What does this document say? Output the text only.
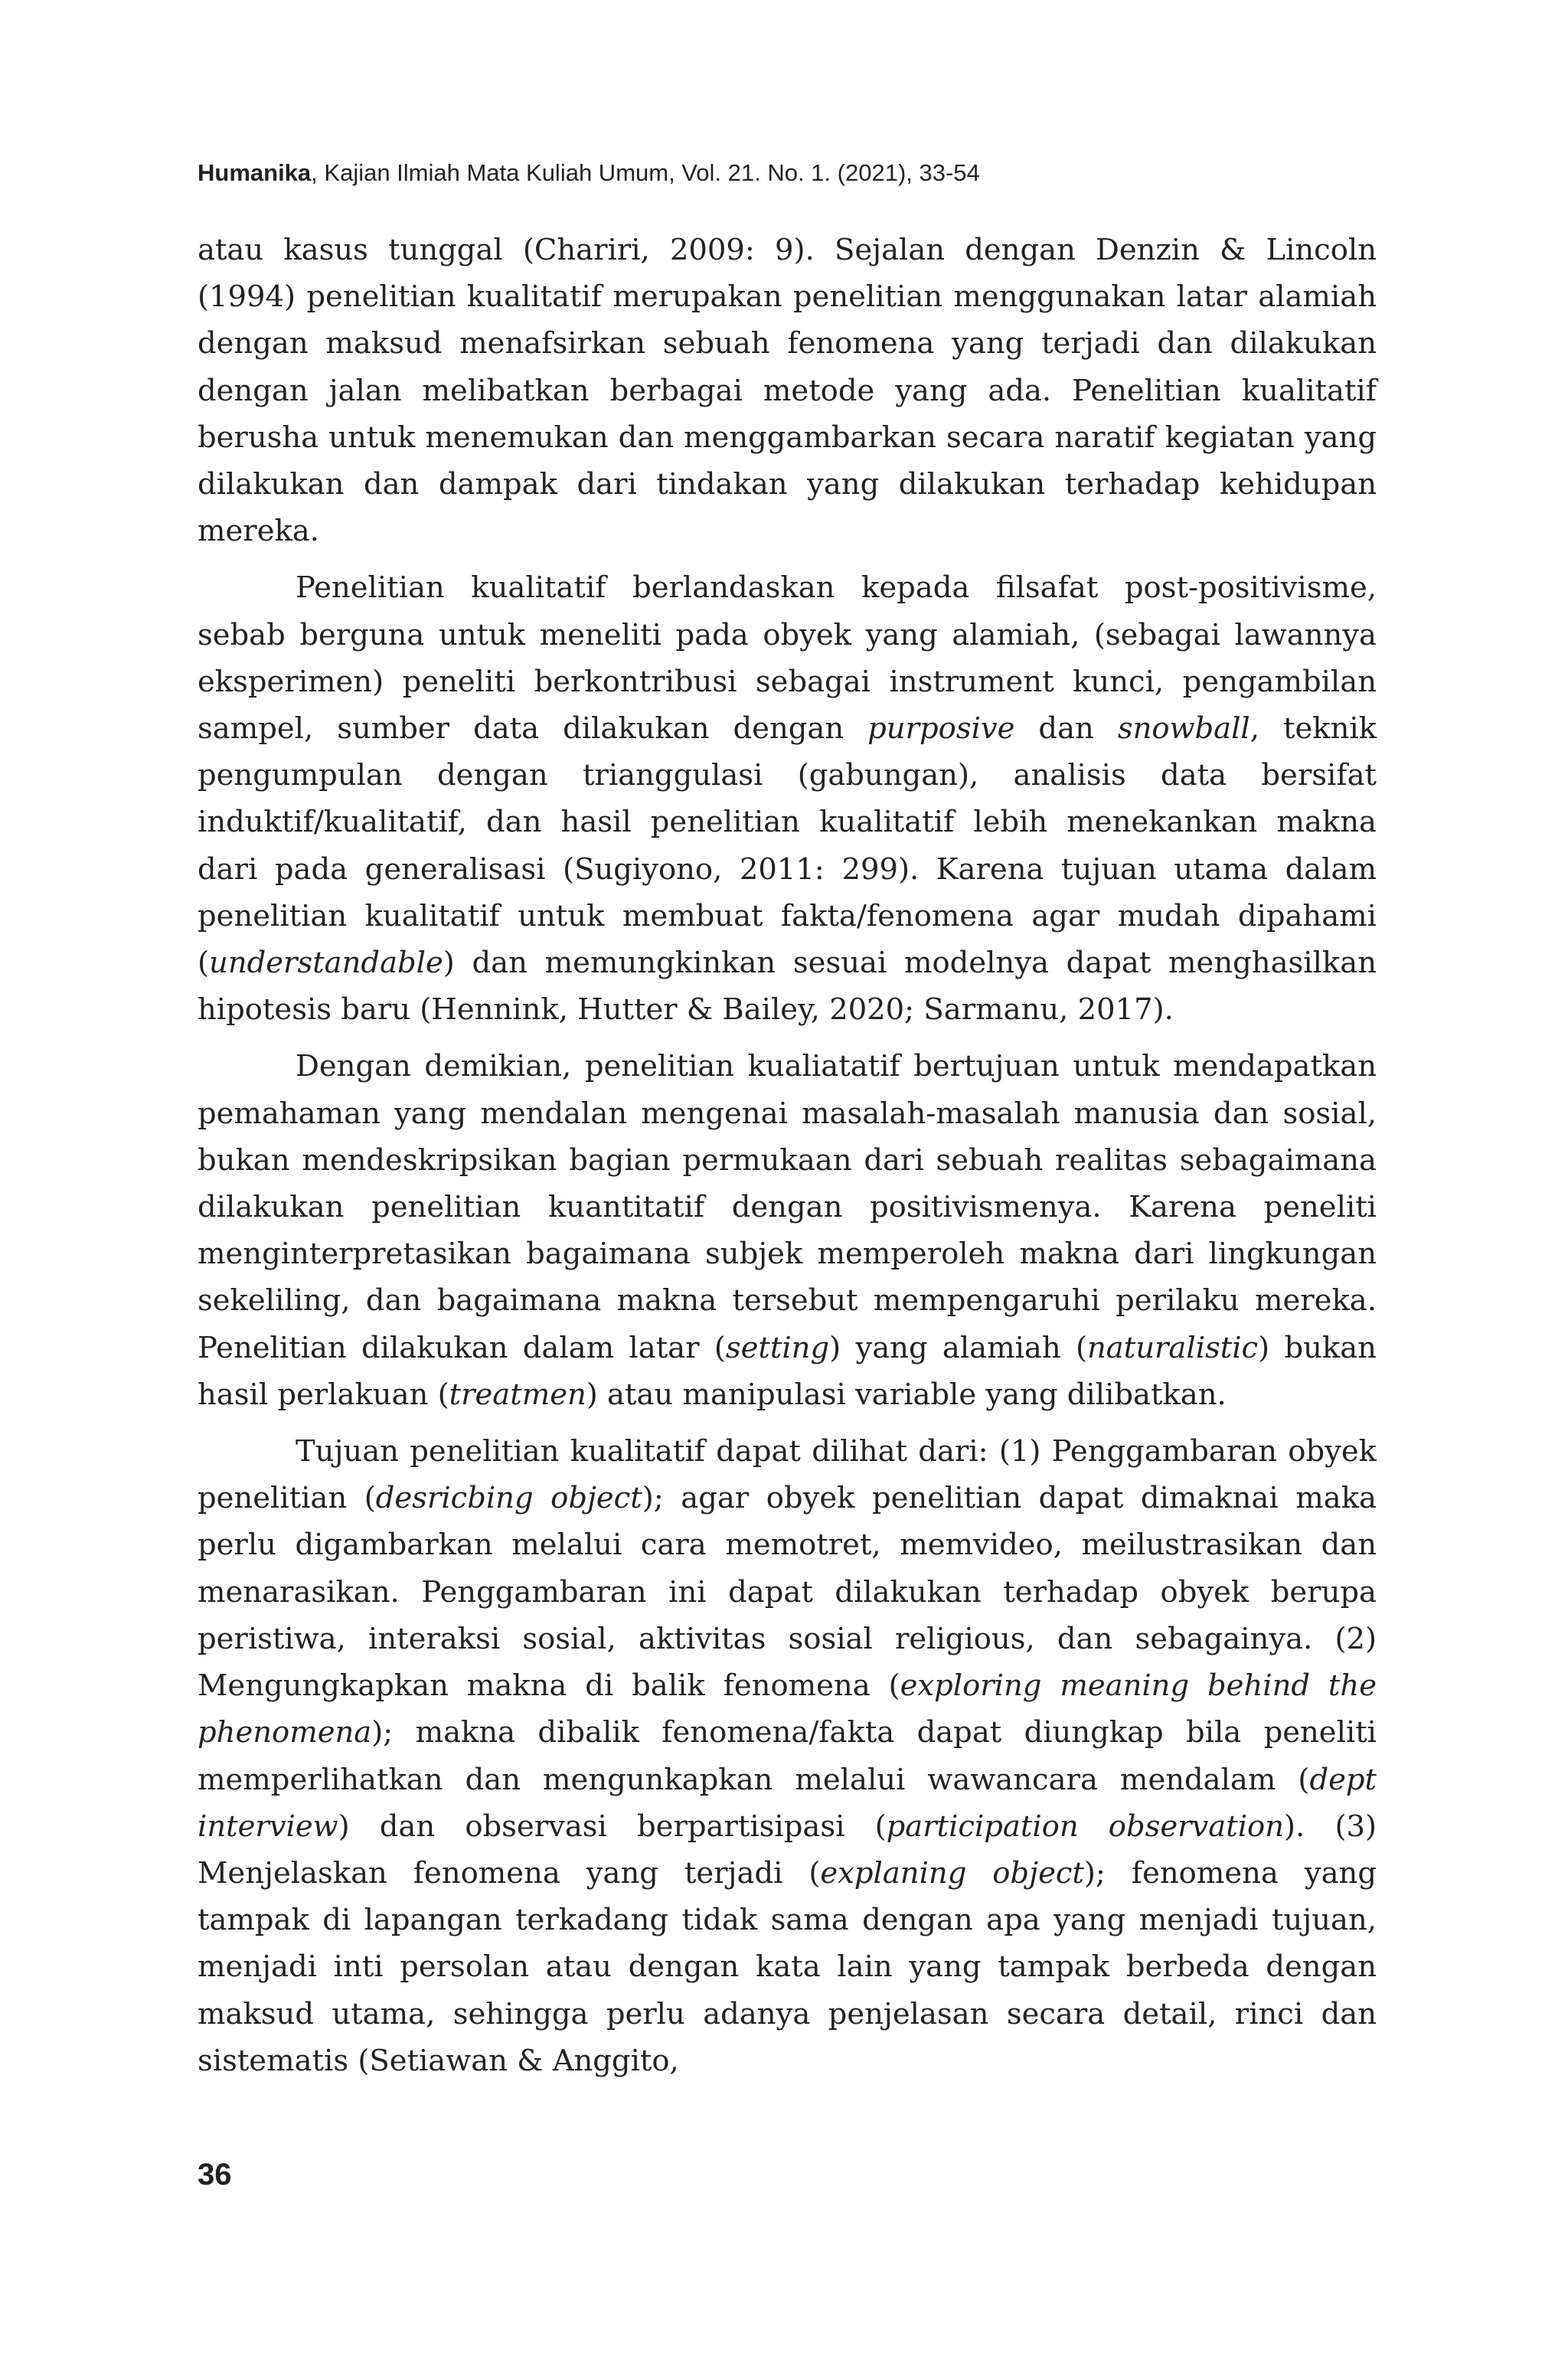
Humanika, Kajian Ilmiah Mata Kuliah Umum, Vol. 21. No. 1. (2021), 33-54

atau kasus tunggal (Chariri, 2009: 9). Sejalan dengan Denzin & Lincoln (1994) penelitian kualitatif merupakan penelitian menggunakan latar alamiah dengan maksud menafsirkan sebuah fenomena yang terjadi dan dilakukan dengan jalan melibatkan berbagai metode yang ada. Penelitian kualitatif berusha untuk menemukan dan menggambarkan secara naratif kegiatan yang dilakukan dan dampak dari tindakan yang dilakukan terhadap kehidupan mereka.

Penelitian kualitatif berlandaskan kepada filsafat post-positivisme, sebab berguna untuk meneliti pada obyek yang alamiah, (sebagai lawannya eksperimen) peneliti berkontribusi sebagai instrument kunci, pengambilan sampel, sumber data dilakukan dengan purposive dan snowball, teknik pengumpulan dengan trianggulasi (gabungan), analisis data bersifat induktif/kualitatif, dan hasil penelitian kualitatif lebih menekankan makna dari pada generalisasi (Sugiyono, 2011: 299). Karena tujuan utama dalam penelitian kualitatif untuk membuat fakta/fenomena agar mudah dipahami (understandable) dan memungkinkan sesuai modelnya dapat menghasilkan hipotesis baru (Hennink, Hutter & Bailey, 2020; Sarmanu, 2017).

Dengan demikian, penelitian kualiatatif bertujuan untuk mendapatkan pemahaman yang mendalan mengenai masalah-masalah manusia dan sosial, bukan mendeskripsikan bagian permukaan dari sebuah realitas sebagaimana dilakukan penelitian kuantitatif dengan positivismenya. Karena peneliti menginterpretasikan bagaimana subjek memperoleh makna dari lingkungan sekeliling, dan bagaimana makna tersebut mempengaruhi perilaku mereka. Penelitian dilakukan dalam latar (setting) yang alamiah (naturalistic) bukan hasil perlakuan (treatmen) atau manipulasi variable yang dilibatkan.

Tujuan penelitian kualitatif dapat dilihat dari: (1) Penggambaran obyek penelitian (desricbing object); agar obyek penelitian dapat dimaknai maka perlu digambarkan melalui cara memotret, memvideo, meilustrasikan dan menarasikan. Penggambaran ini dapat dilakukan terhadap obyek berupa peristiwa, interaksi sosial, aktivitas sosial religious, dan sebagainya. (2) Mengungkapkan makna di balik fenomena (exploring meaning behind the phenomena); makna dibalik fenomena/fakta dapat diungkap bila peneliti memperlihatkan dan mengunkapkan melalui wawancara mendalam (dept interview) dan observasi berpartisipasi (participation observation). (3) Menjelaskan fenomena yang terjadi (explaning object); fenomena yang tampak di lapangan terkadang tidak sama dengan apa yang menjadi tujuan, menjadi inti persolan atau dengan kata lain yang tampak berbeda dengan maksud utama, sehingga perlu adanya penjelasan secara detail, rinci dan sistematis (Setiawan & Anggito,

36
